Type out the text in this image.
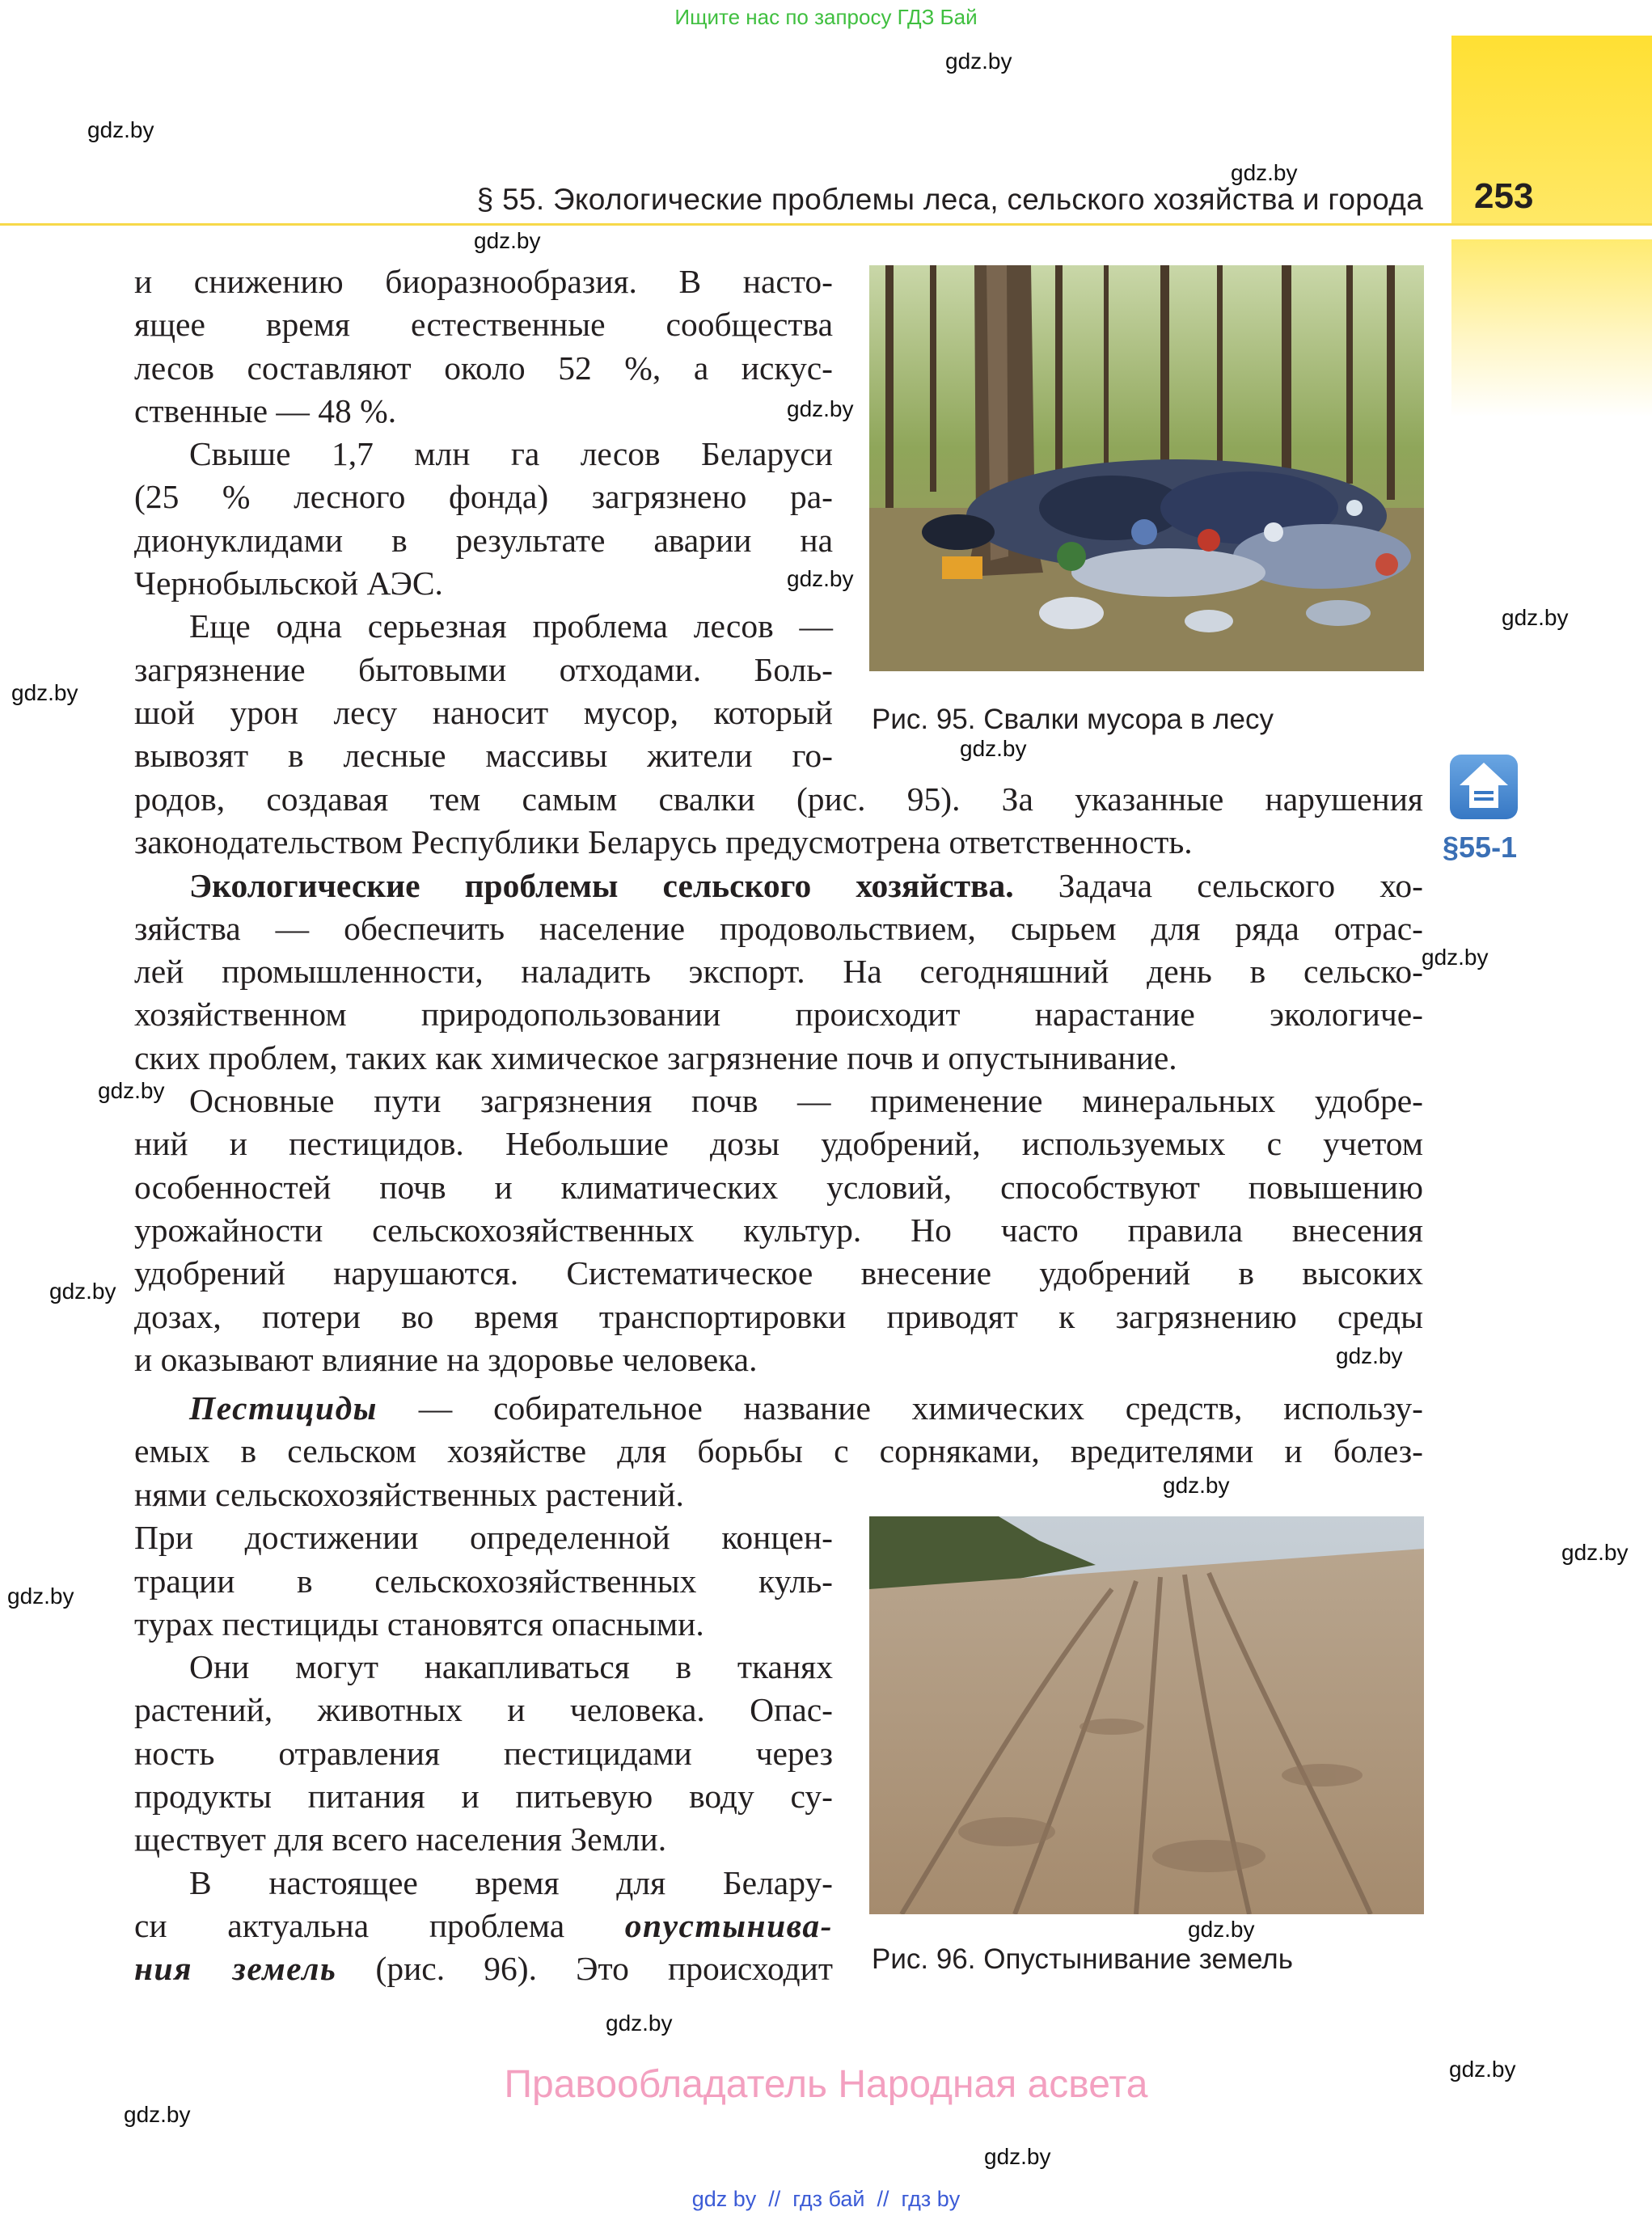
Ищите нас по запросу ГДЗ Бай
§ 55. Экологические проблемы леса, сельского хозяйства и города 253
gdz.by
gdz.by
gdz.by
gdz.by
gdz.by
gdz.by
gdz.by
gdz.by
gdz.by
gdz.by
gdz.by
gdz.by
gdz.by
gdz.by
gdz.by
gdz.by
gdz.by
gdz.by
gdz.by
gdz.by
gdz.by
Рис. 95. Свалки мусора в лесу
§55-1
и снижению биоразнообразия. В насто-
ящее время естественные сообщества
лесов составляют около 52 %, а искус-
ственные — 48 %.
Свыше 1,7 млн га лесов Беларуси
(25 % лесного фонда) загрязнено ра-
дионуклидами в результате аварии на
Чернобыльской АЭС.
Еще одна серьезная проблема лесов —
загрязнение бытовыми отходами. Боль-
шой урон лесу наносит мусор, который
вывозят в лесные массивы жители го-
родов, создавая тем самым свалки (рис. 95). За указанные нарушения
законодательством Республики Беларусь предусмотрена ответственность.
Экологические проблемы сельского хозяйства. Задача сельского хо-
зяйства — обеспечить население продовольствием, сырьем для ряда отрас-
лей промышленности, наладить экспорт. На сегодняшний день в сельско-
хозяйственном природопользовании происходит нарастание экологиче-
ских проблем, таких как химическое загрязнение почв и опустынивание.
Основные пути загрязнения почв — применение минеральных удобре-
ний и пестицидов. Небольшие дозы удобрений, используемых с учетом
особенностей почв и климатических условий, способствуют повышению
урожайности сельскохозяйственных культур. Но часто правила внесения
удобрений нарушаются. Систематическое внесение удобрений в высоких
дозах, потери во время транспортировки приводят к загрязнению среды
и оказывают влияние на здоровье человека.
Пестициды — собирательное название химических средств, использу-
емых в сельском хозяйстве для борьбы с сорняками, вредителями и болез-
нями сельскохозяйственных растений.
При достижении определенной концен-
трации в сельскохозяйственных куль-
турах пестициды становятся опасными.
Они могут накапливаться в тканях
растений, животных и человека. Опас-
ность отравления пестицидами через
продукты питания и питьевую воду су-
ществует для всего населения Земли.
В настоящее время для Белару-
си актуальна проблема опустынива-
ния земель (рис. 96). Это происходит Рис. 96. Опустынивание земель
Правообладатель Народная асвета
gdz by  //  гдз бай  //  гдз by
